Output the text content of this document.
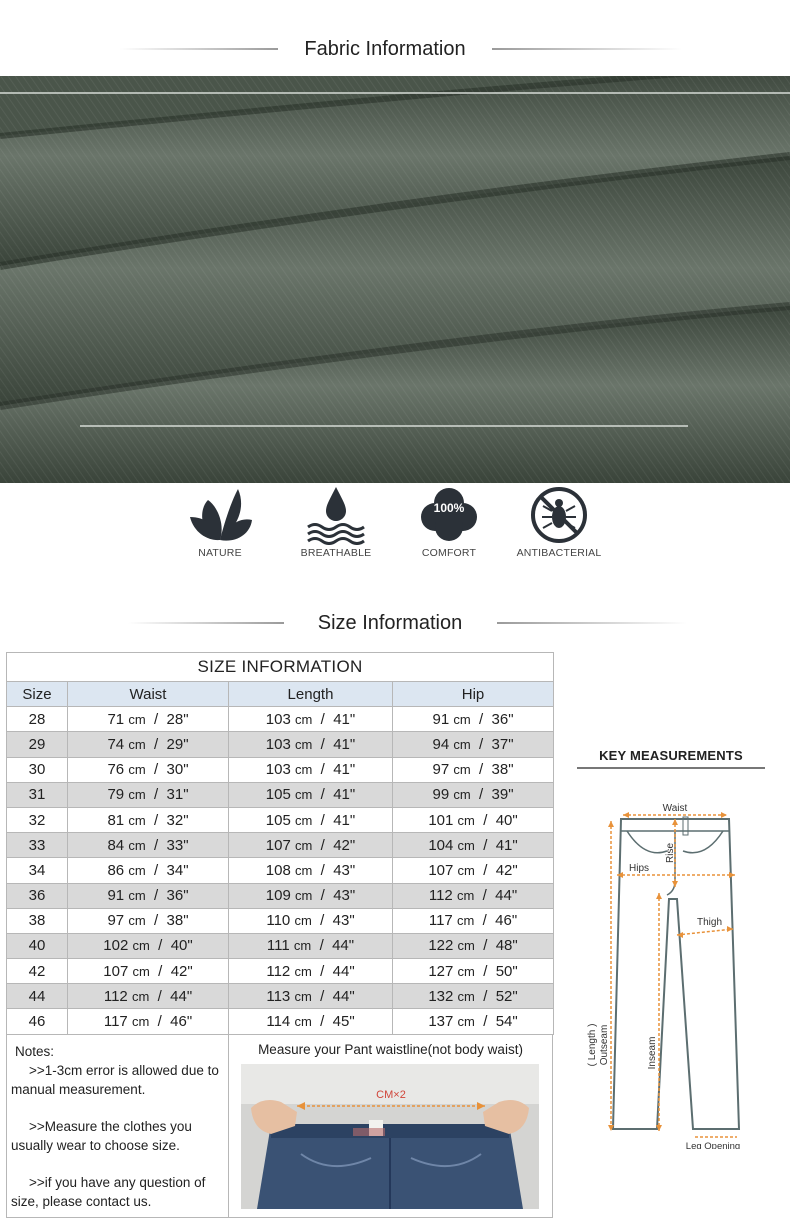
Fabric Information
NATURE	BREATHABLE
100%
COMFORT	ANTIBACTERIAL
Size Information
SIZE INFORMATION			
Size	Waist	Length	Hip
28	71 cm / 28"	103 cm / 41"	91 cm / 36"
29	74 cm / 29"	103 cm / 41"	94 cm / 37"
30	76 cm / 30"	103 cm / 41"	97 cm / 38"
31	79 cm / 31"	105 cm / 41"	99 cm / 39"
32	81 cm / 32"	105 cm / 41"	101 cm / 40"
33	84 cm / 33"	107 cm / 42"	104 cm / 41"
34	86 cm / 34"	108 cm / 43"	107 cm / 42"
36	91 cm / 36"	109 cm / 43"	112 cm / 44"
38	97 cm / 38"	110 cm / 43"	117 cm / 46"
40	102 cm / 40"	111 cm / 44"	122 cm / 48"
42	107 cm / 42"	112 cm / 44"	127 cm / 50"
44	112 cm / 44"	113 cm / 44"	132 cm / 52"
46	117 cm / 46"	114 cm / 45"	137 cm / 54"

Notes:

>>1-3cm error is allowed due to manual measurement.

>>Measure the clothes you usually wear to choose size.

>>if you have any question of size, please contact us.

Measure your Pant waistline(not body waist)
CM×2
KEY MEASUREMENTS
Waist
Rise
Hips
Thigh
( Length ) Outseam	Inseam
Leg Opening
